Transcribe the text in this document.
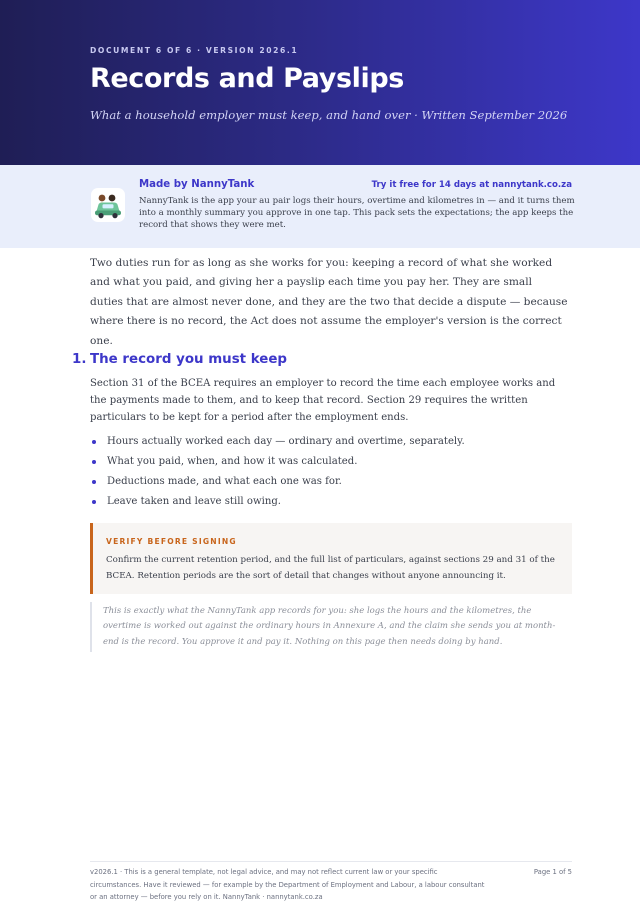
DOCUMENT 6 OF 6 · VERSION 2026.1

Records and Payslips

What a household employer must keep, and hand over · Written September 2026

Made by NannyTank	Try it free for 14 days at nannytank.co.za

NannyTank is the app your au pair logs their hours, overtime and kilometres in — and it turns them into a monthly summary you approve in one tap. This pack sets the expectations; the app keeps the record that shows they were met.

Two duties run for as long as she works for you: keeping a record of what she worked and what you paid, and giving her a payslip each time you pay her. They are small duties that are almost never done, and they are the two that decide a dispute — because where there is no record, the Act does not assume the employer's version is the correct one.

1. The record you must keep

Section 31 of the BCEA requires an employer to record the time each employee works and the payments made to them, and to keep that record. Section 29 requires the written particulars to be kept for a period after the employment ends.

Hours actually worked each day — ordinary and overtime, separately.
What you paid, when, and how it was calculated.
Deductions made, and what each one was for.
Leave taken and leave still owing.

VERIFY BEFORE SIGNING

Confirm the current retention period, and the full list of particulars, against sections 29 and 31 of the BCEA. Retention periods are the sort of detail that changes without anyone announcing it.

This is exactly what the NannyTank app records for you: she logs the hours and the kilometres, the overtime is worked out against the ordinary hours in Annexure A, and the claim she sends you at month-end is the record. You approve it and pay it. Nothing on this page then needs doing by hand.

v2026.1 · This is a general template, not legal advice, and may not reflect current law or your specific circumstances. Have it reviewed — for example by the Department of Employment and Labour, a labour consultant or an attorney — before you rely on it. NannyTank · nannytank.co.za

Page 1 of 5
